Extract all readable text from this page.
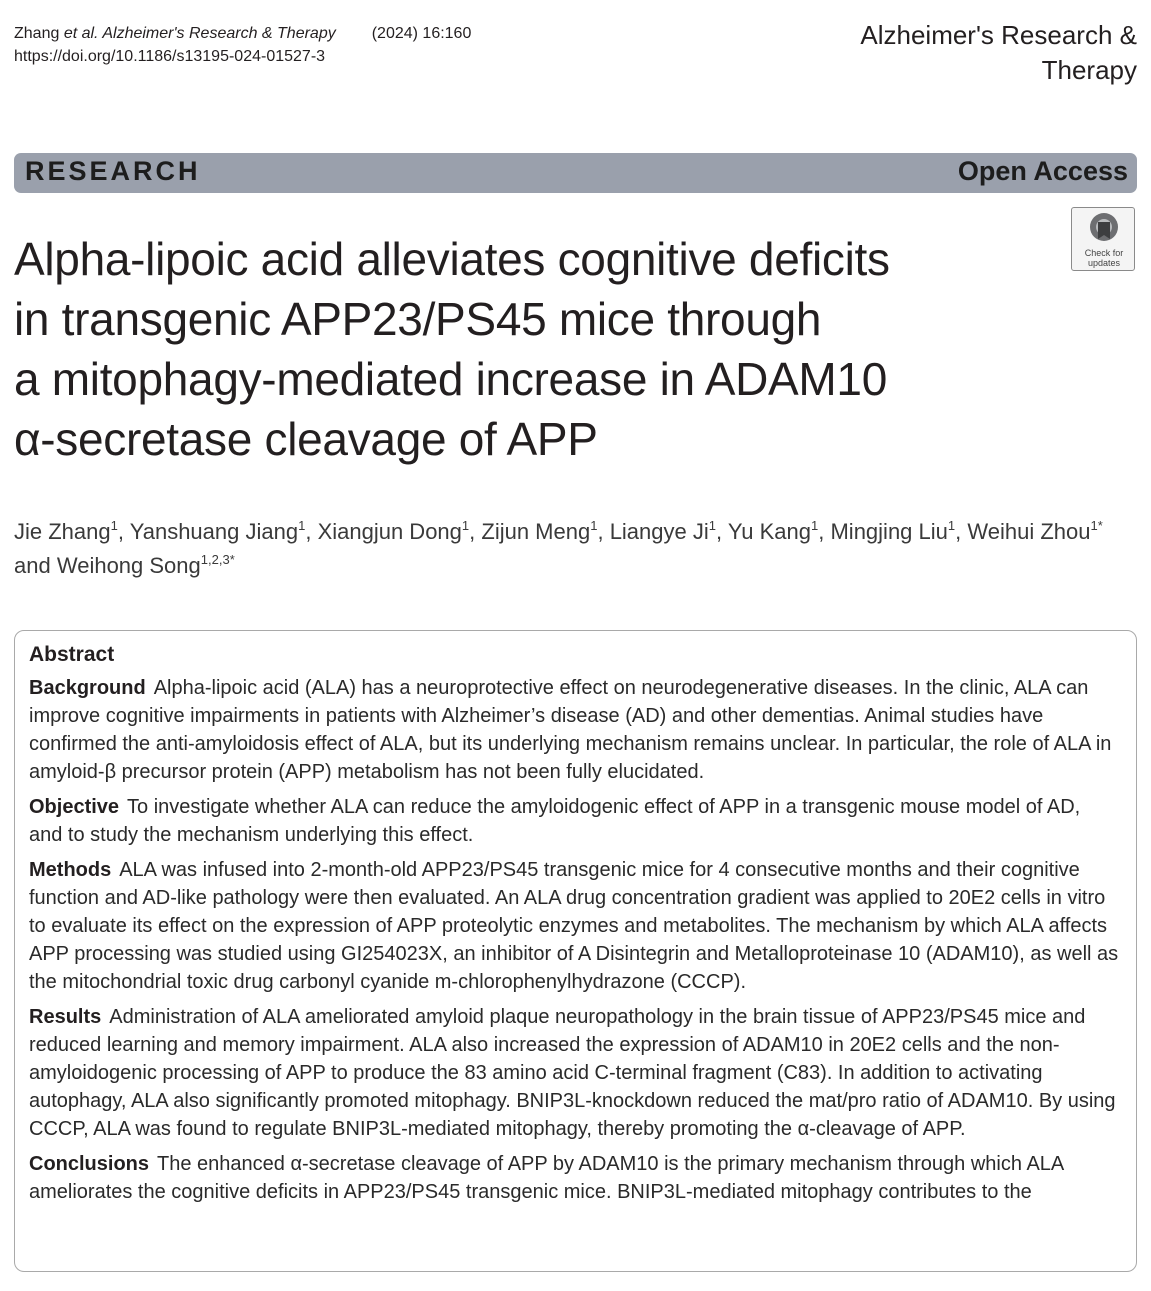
Zhang et al. Alzheimer's Research & Therapy (2024) 16:160
https://doi.org/10.1186/s13195-024-01527-3
Alzheimer's Research &
Therapy
RESEARCH	Open Access
Check for
updates
Alpha-lipoic acid alleviates cognitive deficits
in transgenic APP23/PS45 mice through
a mitophagy-mediated increase in ADAM10
α-secretase cleavage of APP
Jie Zhang$^1$, Yanshuang Jiang$^1$, Xiangjun Dong$^1$, Zijun Meng$^1$, Liangye Ji$^1$, Yu Kang$^1$, Mingjing Liu$^1$, Weihui Zhou$^{1*}$ and Weihong Song$^{1,2,3*}$
Abstract
Background Alpha-lipoic acid (ALA) has a neuroprotective effect on neurodegenerative diseases. In the clinic, ALA can improve cognitive impairments in patients with Alzheimer’s disease (AD) and other dementias. Animal studies have confirmed the anti-amyloidosis effect of ALA, but its underlying mechanism remains unclear. In particular, the role of ALA in amyloid-β precursor protein (APP) metabolism has not been fully elucidated.
Objective To investigate whether ALA can reduce the amyloidogenic effect of APP in a transgenic mouse model of AD, and to study the mechanism underlying this effect.
Methods ALA was infused into 2-month-old APP23/PS45 transgenic mice for 4 consecutive months and their cognitive function and AD-like pathology were then evaluated. An ALA drug concentration gradient was applied to 20E2 cells in vitro to evaluate its effect on the expression of APP proteolytic enzymes and metabolites. The mechanism by which ALA affects APP processing was studied using GI254023X, an inhibitor of A Disintegrin and Metalloproteinase 10 (ADAM10), as well as the mitochondrial toxic drug carbonyl cyanide m-chlorophenylhydrazone (CCCP).
Results Administration of ALA ameliorated amyloid plaque neuropathology in the brain tissue of APP23/PS45 mice and reduced learning and memory impairment. ALA also increased the expression of ADAM10 in 20E2 cells and the non-amyloidogenic processing of APP to produce the 83 amino acid C-terminal fragment (C83). In addition to activating autophagy, ALA also significantly promoted mitophagy. BNIP3L-knockdown reduced the mat/pro ratio of ADAM10. By using CCCP, ALA was found to regulate BNIP3L-mediated mitophagy, thereby promoting the α-cleavage of APP.
Conclusions The enhanced α-secretase cleavage of APP by ADAM10 is the primary mechanism through which ALA ameliorates the cognitive deficits in APP23/PS45 transgenic mice. BNIP3L-mediated mitophagy contributes to the
